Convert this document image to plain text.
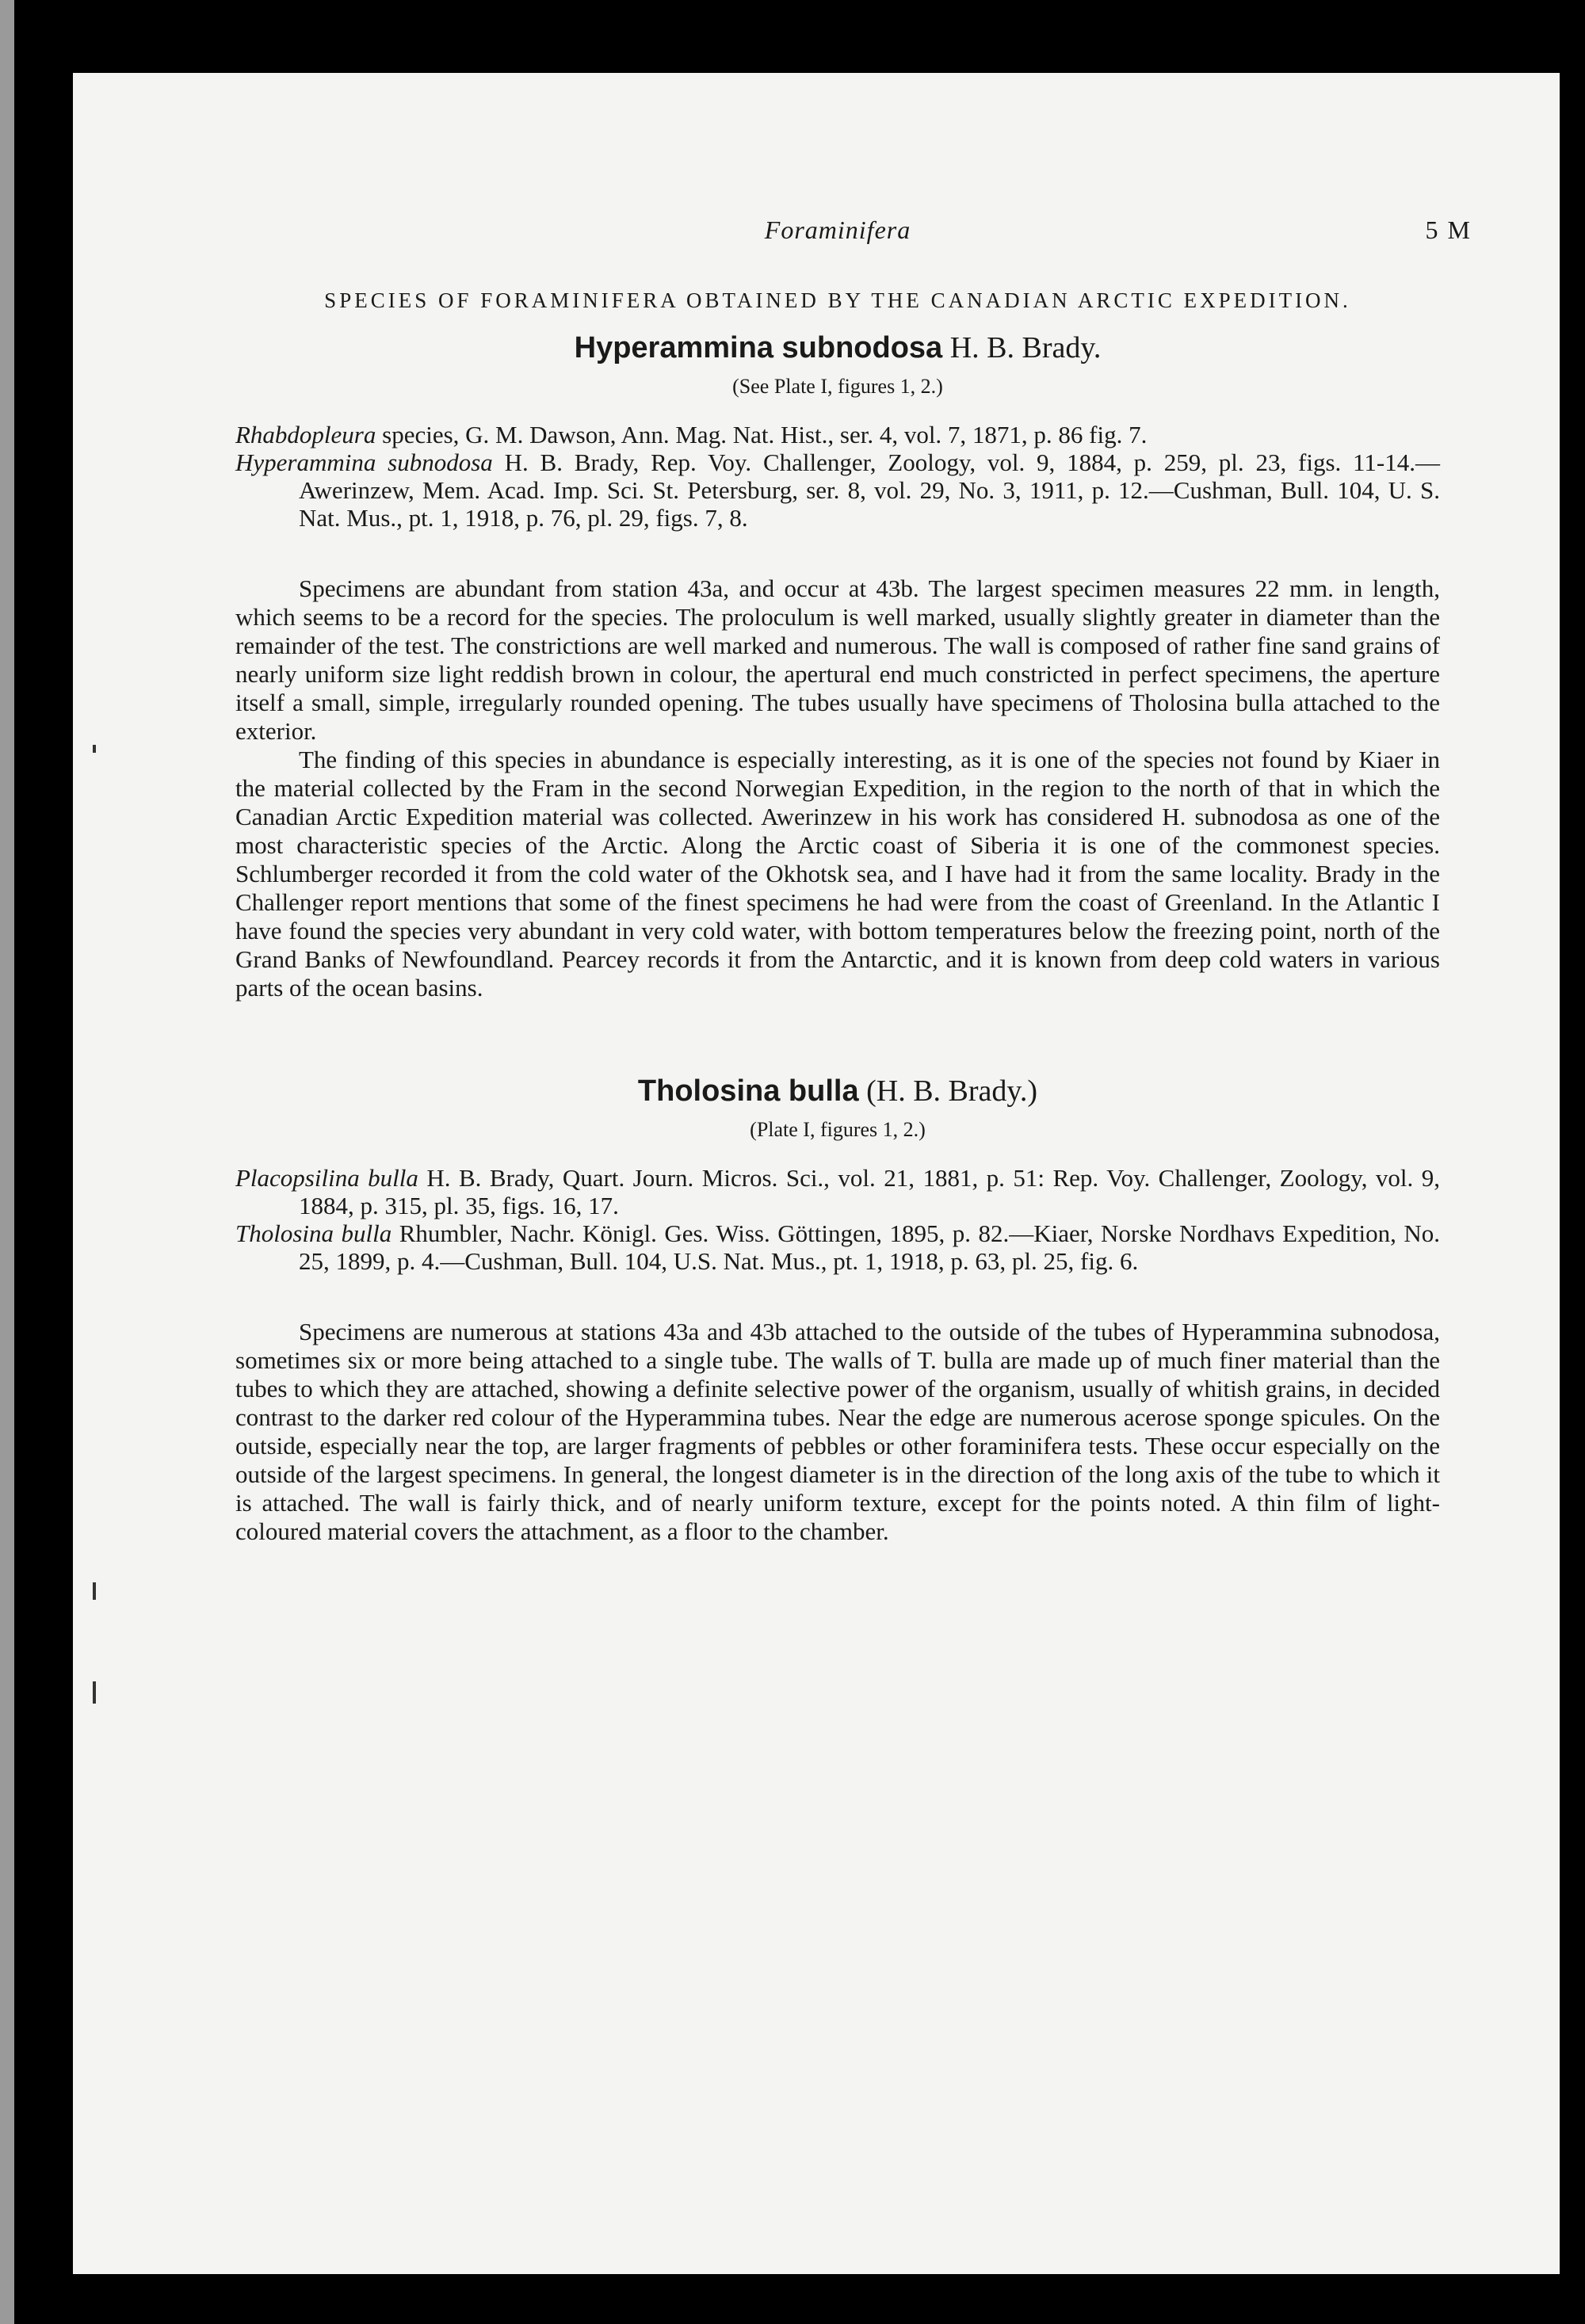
Foraminifera	5 M
SPECIES OF FORAMINIFERA OBTAINED BY THE CANADIAN ARCTIC EXPEDITION.
Hyperammina subnodosa H. B. Brady.
(See Plate I, figures 1, 2.)

Rhabdopleura species, G. M. Dawson, Ann. Mag. Nat. Hist., ser. 4, vol. 7, 1871, p. 86 fig. 7.

Hyperammina subnodosa H. B. Brady, Rep. Voy. Challenger, Zoology, vol. 9, 1884, p. 259, pl. 23, figs. 11-14.—Awerinzew, Mem. Acad. Imp. Sci. St. Petersburg, ser. 8, vol. 29, No. 3, 1911, p. 12.—Cushman, Bull. 104, U. S. Nat. Mus., pt. 1, 1918, p. 76, pl. 29, figs. 7, 8.

Specimens are abundant from station 43a, and occur at 43b. The largest specimen measures 22 mm. in length, which seems to be a record for the species. The proloculum is well marked, usually slightly greater in diameter than the remainder of the test. The constrictions are well marked and numerous. The wall is composed of rather fine sand grains of nearly uniform size light reddish brown in colour, the apertural end much constricted in perfect specimens, the aperture itself a small, simple, irregularly rounded opening. The tubes usually have specimens of Tholosina bulla attached to the exterior.

The finding of this species in abundance is especially interesting, as it is one of the species not found by Kiaer in the material collected by the Fram in the second Norwegian Expedition, in the region to the north of that in which the Canadian Arctic Expedition material was collected. Awerinzew in his work has considered H. subnodosa as one of the most characteristic species of the Arctic. Along the Arctic coast of Siberia it is one of the commonest species. Schlumberger recorded it from the cold water of the Okhotsk sea, and I have had it from the same locality. Brady in the Challenger report mentions that some of the finest specimens he had were from the coast of Greenland. In the Atlantic I have found the species very abundant in very cold water, with bottom temperatures below the freezing point, north of the Grand Banks of Newfoundland. Pearcey records it from the Antarctic, and it is known from deep cold waters in various parts of the ocean basins.

Tholosina bulla (H. B. Brady.)
(Plate I, figures 1, 2.)

Placopsilina bulla H. B. Brady, Quart. Journ. Micros. Sci., vol. 21, 1881, p. 51: Rep. Voy. Challenger, Zoology, vol. 9, 1884, p. 315, pl. 35, figs. 16, 17.

Tholosina bulla Rhumbler, Nachr. Königl. Ges. Wiss. Göttingen, 1895, p. 82.—Kiaer, Norske Nordhavs Expedition, No. 25, 1899, p. 4.—Cushman, Bull. 104, U.S. Nat. Mus., pt. 1, 1918, p. 63, pl. 25, fig. 6.

Specimens are numerous at stations 43a and 43b attached to the outside of the tubes of Hyperammina subnodosa, sometimes six or more being attached to a single tube. The walls of T. bulla are made up of much finer material than the tubes to which they are attached, showing a definite selective power of the organism, usually of whitish grains, in decided contrast to the darker red colour of the Hyperammina tubes. Near the edge are numerous acerose sponge spicules. On the outside, especially near the top, are larger fragments of pebbles or other foraminifera tests. These occur especially on the outside of the largest specimens. In general, the longest diameter is in the direction of the long axis of the tube to which it is attached. The wall is fairly thick, and of nearly uniform texture, except for the points noted. A thin film of light-coloured material covers the attachment, as a floor to the chamber.
